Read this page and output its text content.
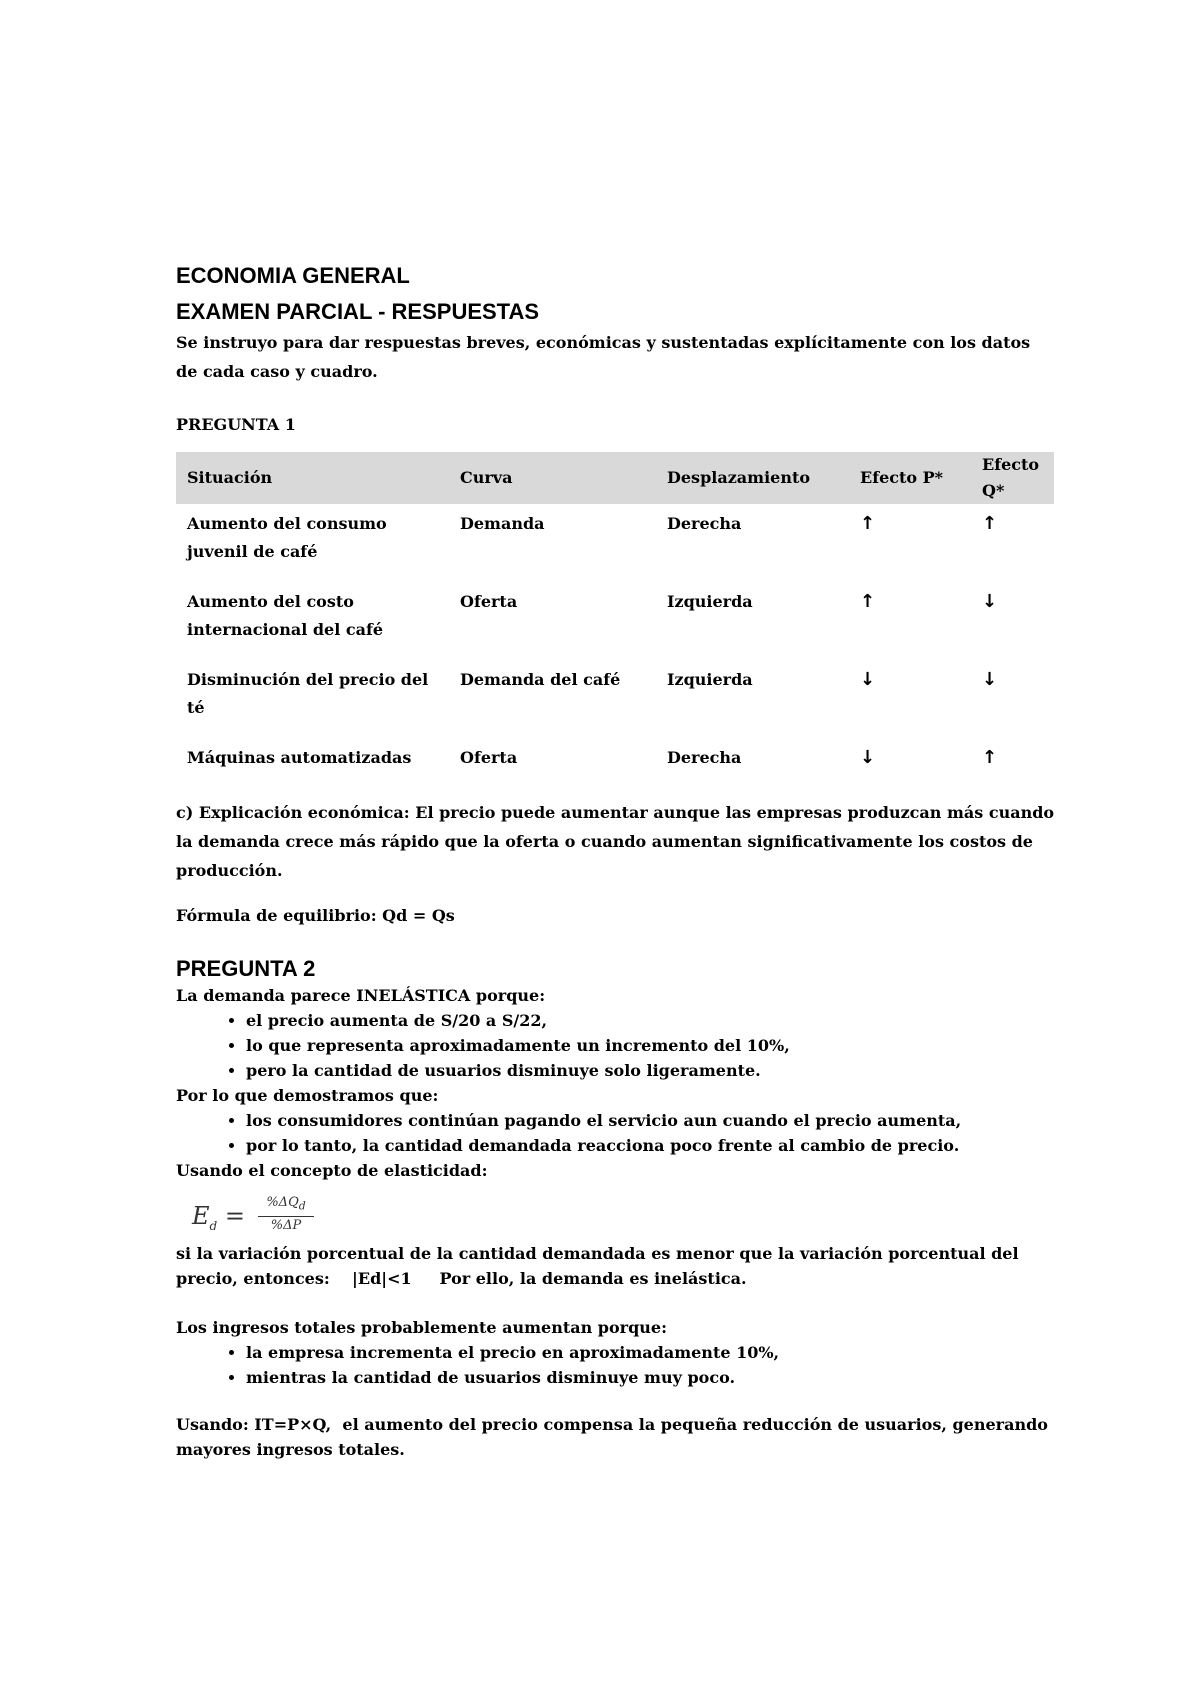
ECONOMIA GENERAL
EXAMEN PARCIAL - RESPUESTAS

Se instruyo para dar respuestas breves, económicas y sustentadas explícitamente con los datos de cada caso y cuadro.

PREGUNTA 1

Situación	Curva	Desplazamiento	Efecto P*	Efecto Q*
Aumento del consumo juvenil de café	Demanda	Derecha	↑	↑
Aumento del costo internacional del café	Oferta	Izquierda	↑	↓
Disminución del precio del té	Demanda del café	Izquierda	↓	↓
Máquinas automatizadas	Oferta	Derecha	↓	↑

c) Explicación económica: El precio puede aumentar aunque las empresas produzcan más cuando la demanda crece más rápido que la oferta o cuando aumentan significativamente los costos de producción.

Fórmula de equilibrio: Qd = Qs

PREGUNTA 2

La demanda parece INELÁSTICA porque:

• el precio aumenta de S/20 a S/22,
• lo que representa aproximadamente un incremento del 10%,
• pero la cantidad de usuarios disminuye solo ligeramente.

Por lo que demostramos que:

• los consumidores continúan pagando el servicio aun cuando el precio aumenta,
• por lo tanto, la cantidad demandada reacciona poco frente al cambio de precio.

Usando el concepto de elasticidad:

$E_d$ =	$\%\Delta Q_d$
%ΔP

si la variación porcentual de la cantidad demandada es menor que la variación porcentual del precio, entonces:    |Ed|<1     Por ello, la demanda es inelástica.

Los ingresos totales probablemente aumentan porque:

• la empresa incrementa el precio en aproximadamente 10%,
• mientras la cantidad de usuarios disminuye muy poco.

Usando: IT=P×Q,  el aumento del precio compensa la pequeña reducción de usuarios, generando mayores ingresos totales.
